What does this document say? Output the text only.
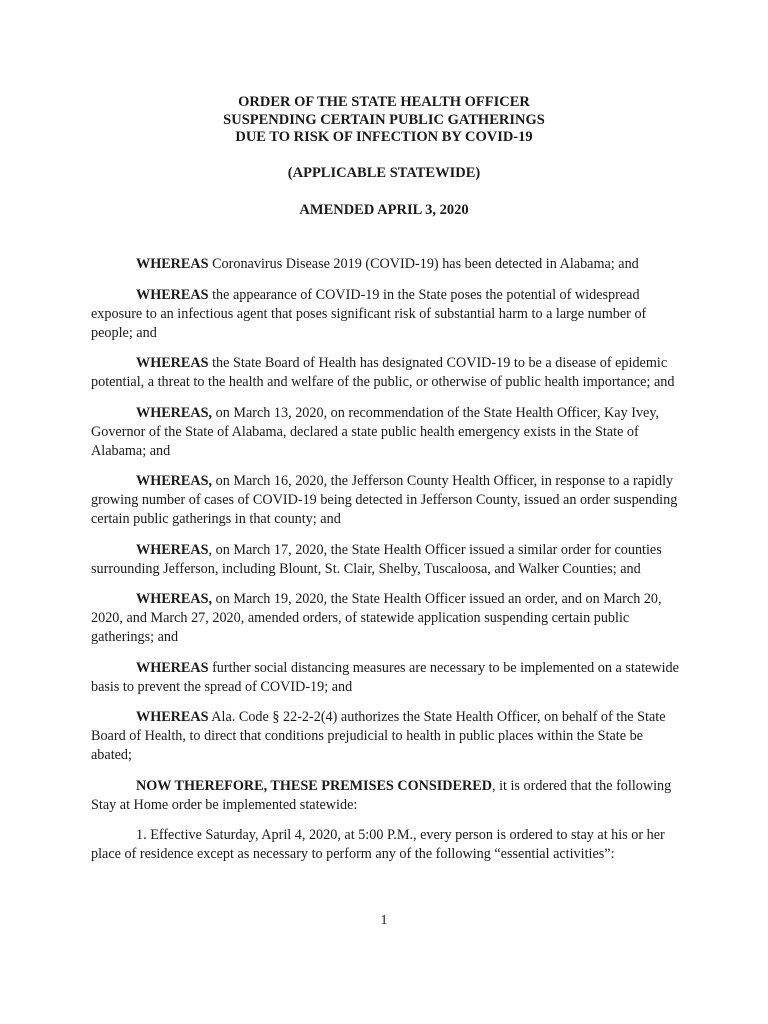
ORDER OF THE STATE HEALTH OFFICER
SUSPENDING CERTAIN PUBLIC GATHERINGS
DUE TO RISK OF INFECTION BY COVID-19
(APPLICABLE STATEWIDE)
AMENDED APRIL 3, 2020

WHEREAS Coronavirus Disease 2019 (COVID-19) has been detected in Alabama; and

WHEREAS the appearance of COVID-19 in the State poses the potential of widespread exposure to an infectious agent that poses significant risk of substantial harm to a large number of people; and

WHEREAS the State Board of Health has designated COVID-19 to be a disease of epidemic potential, a threat to the health and welfare of the public, or otherwise of public health importance; and

WHEREAS, on March 13, 2020, on recommendation of the State Health Officer, Kay Ivey, Governor of the State of Alabama, declared a state public health emergency exists in the State of Alabama; and

WHEREAS, on March 16, 2020, the Jefferson County Health Officer, in response to a rapidly growing number of cases of COVID-19 being detected in Jefferson County, issued an order suspending certain public gatherings in that county; and

WHEREAS, on March 17, 2020, the State Health Officer issued a similar order for counties surrounding Jefferson, including Blount, St. Clair, Shelby, Tuscaloosa, and Walker Counties; and

WHEREAS, on March 19, 2020, the State Health Officer issued an order, and on March 20, 2020, and March 27, 2020, amended orders, of statewide application suspending certain public gatherings; and

WHEREAS further social distancing measures are necessary to be implemented on a statewide basis to prevent the spread of COVID-19; and

WHEREAS Ala. Code § 22-2-2(4) authorizes the State Health Officer, on behalf of the State Board of Health, to direct that conditions prejudicial to health in public places within the State be abated;

NOW THEREFORE, THESE PREMISES CONSIDERED, it is ordered that the following Stay at Home order be implemented statewide:

1. Effective Saturday, April 4, 2020, at 5:00 P.M., every person is ordered to stay at his or her place of residence except as necessary to perform any of the following “essential activities”:

1
